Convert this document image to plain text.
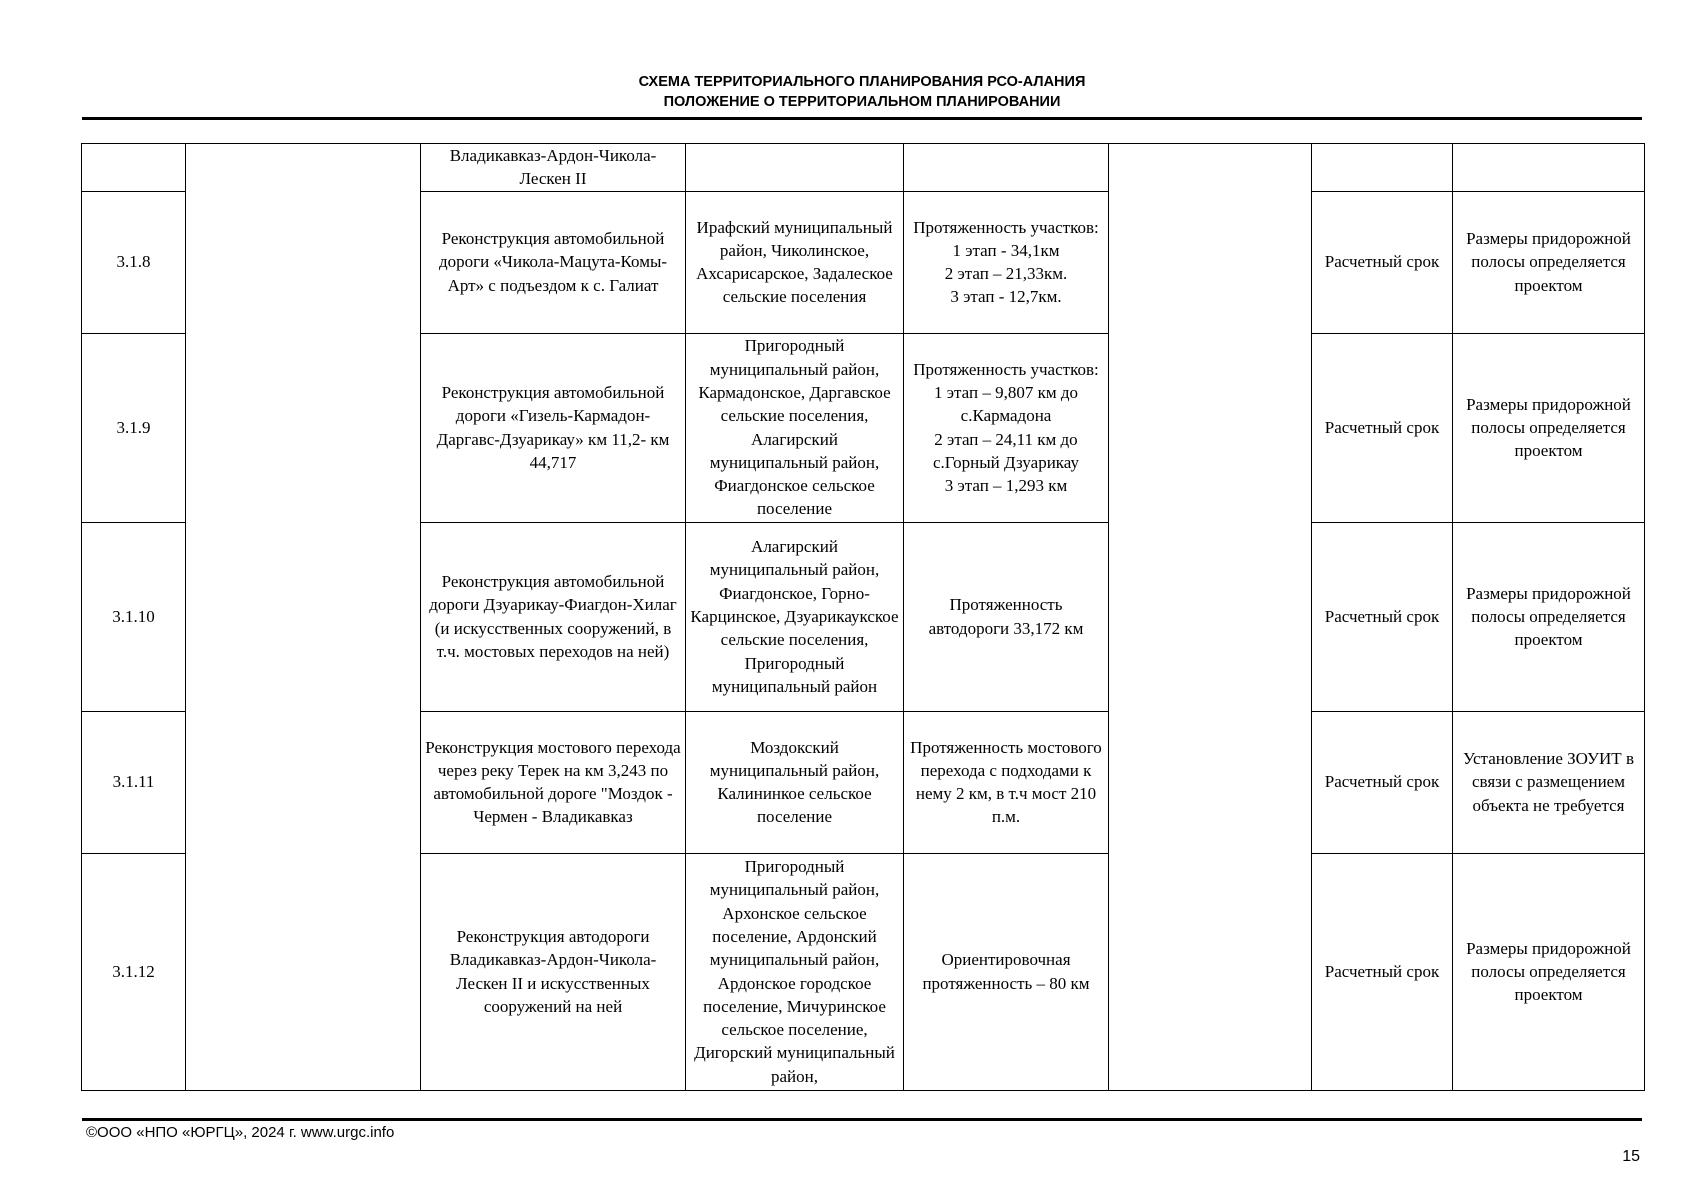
СХЕМА ТЕРРИТОРИАЛЬНОГО ПЛАНИРОВАНИЯ РСО-АЛАНИЯ
ПОЛОЖЕНИЕ О ТЕРРИТОРИАЛЬНОМ ПЛАНИРОВАНИИ
		Владикавказ-Ардон-Чикола-Лескен II					
3.1.8		Реконструкция автомобильной дороги «Чикола-Мацута-Комы-Арт» с подъездом к с. Галиат	Ирафский муниципальный район, Чиколинское, Ахсарисарское, Задалеское сельские поселения	Протяженность участков:
1 этап - 34,1км
2 этап – 21,33км.
3 этап - 12,7км.		Расчетный срок	Размеры придорожной полосы определяется проектом
3.1.9		Реконструкция автомобильной дороги «Гизель-Кармадон-Даргавс-Дзуарикау» км 11,2- км 44,717	Пригородный муниципальный район, Кармадонское, Даргавское сельские поселения, Алагирский муниципальный район, Фиагдонское сельское поселение	Протяженность участков:
1 этап – 9,807 км до с.Кармадона
2 этап – 24,11 км до с.Горный Дзуарикау
3 этап – 1,293 км		Расчетный срок	Размеры придорожной полосы определяется проектом
3.1.10		Реконструкция автомобильной дороги Дзуарикау-Фиагдон-Хилаг (и искусственных сооружений, в т.ч. мостовых переходов на ней)	Алагирский муниципальный район, Фиагдонское, Горно-Карцинское, Дзуарикаукское сельские поселения, Пригородный муниципальный район	Протяженность автодороги 33,172 км		Расчетный срок	Размеры придорожной полосы определяется проектом
3.1.11		Реконструкция мостового перехода через реку Терек на км 3,243 по автомобильной дороге "Моздок - Чермен - Владикавказ	Моздокский муниципальный район, Калининкое сельское поселение	Протяженность мостового перехода с подходами к нему 2 км, в т.ч мост 210 п.м.		Расчетный срок	Установление ЗОУИТ в связи с размещением объекта не требуется
3.1.12		Реконструкция автодороги Владикавказ-Ардон-Чикола-Лескен II и искусственных сооружений на ней	Пригородный муниципальный район, Архонское сельское поселение, Ардонский муниципальный район, Ардонское городское поселение, Мичуринское сельское поселение, Дигорский муниципальный район,	Ориентировочная протяженность – 80 км		Расчетный срок	Размеры придорожной полосы определяется проектом
©ООО «НПО «ЮРГЦ», 2024 г. www.urgc.info
15
